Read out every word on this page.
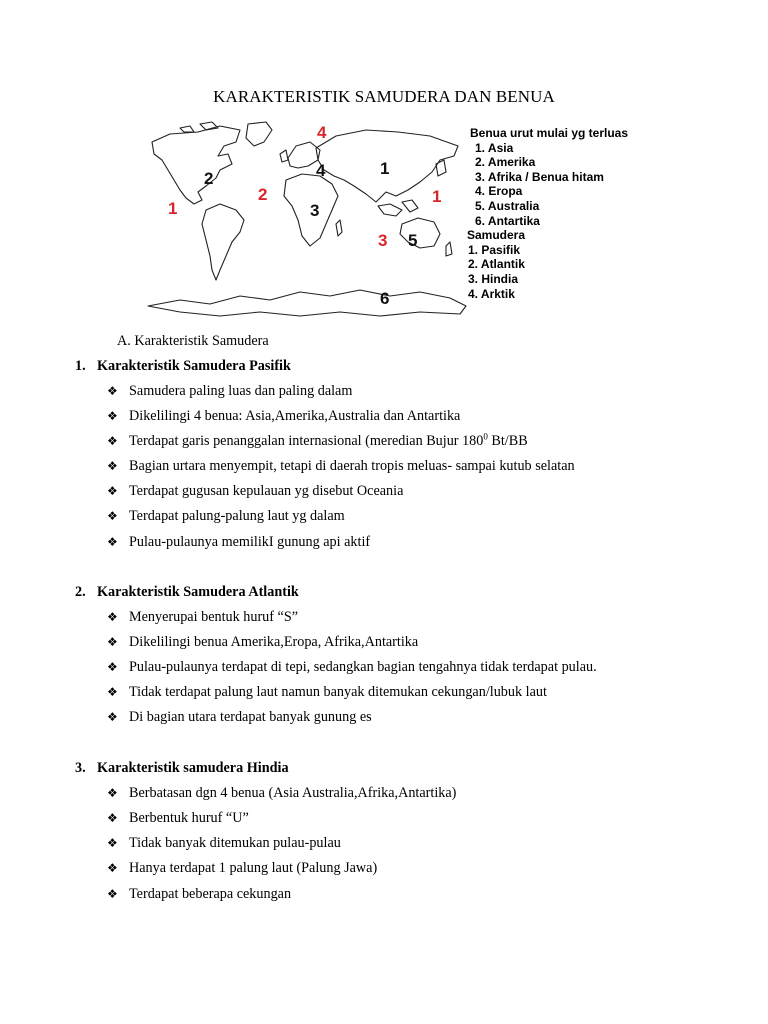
KARAKTERISTIK SAMUDERA DAN BENUA
4
2
1
2
4
3
1
1
3 5
6
Benua urut mulai yg terluas
1. Asia
2. Amerika
3. Afrika / Benua hitam
4. Eropa
5. Australia
6. Antartika
Samudera
1. Pasifik
2. Atlantik
3. Hindia
4. Arktik
A. Karakteristik Samudera
1. Karakteristik Samudera Pasifik
❖ Samudera paling luas dan paling dalam
❖ Dikelilingi 4 benua: Asia,Amerika,Australia dan Antartika
❖ Terdapat garis penanggalan internasional (meredian Bujur $180^0$ Bt/BB
❖ Bagian urtara menyempit, tetapi di daerah tropis meluas- sampai kutub selatan
❖ Terdapat gugusan kepulauan yg disebut Oceania
❖ Terdapat palung-palung laut yg dalam
❖ Pulau-pulaunya memilikI gunung api aktif
2. Karakteristik Samudera Atlantik
❖ Menyerupai bentuk huruf “S”
❖ Dikelilingi benua Amerika,Eropa, Afrika,Antartika
❖ Pulau-pulaunya terdapat di tepi, sedangkan bagian tengahnya tidak terdapat pulau.
❖ Tidak terdapat palung laut namun banyak ditemukan cekungan/lubuk laut
❖ Di bagian utara terdapat banyak gunung es
3. Karakteristik samudera Hindia
❖ Berbatasan dgn 4 benua (Asia Australia,Afrika,Antartika)
❖ Berbentuk huruf “U”
❖ Tidak banyak ditemukan pulau-pulau
❖ Hanya terdapat 1 palung laut (Palung Jawa)
❖ Terdapat beberapa cekungan
